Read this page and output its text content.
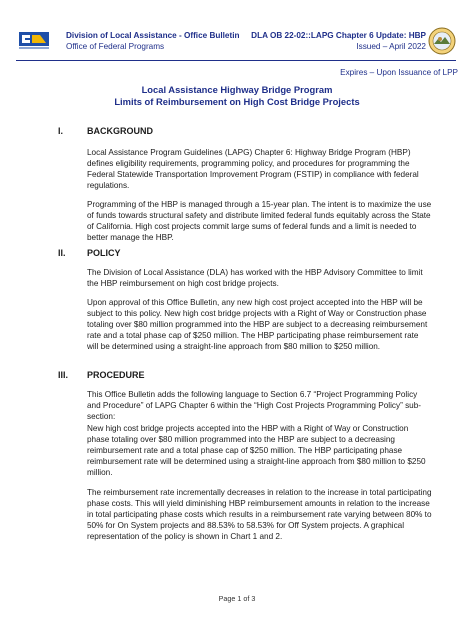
Division of Local Assistance - Office Bulletin
Office of Federal Programs
DLA OB 22-02::LAPG Chapter 6 Update: HBP
Issued – April 2022
Expires – Upon Issuance of LPP
Local Assistance Highway Bridge Program
Limits of Reimbursement on High Cost Bridge Projects
I.	BACKGROUND
Local Assistance Program Guidelines (LAPG) Chapter 6: Highway Bridge Program (HBP) defines eligibility requirements, programming policy, and procedures for programming the Federal Statewide Transportation Improvement Program (FSTIP) in compliance with federal regulations.
Programming of the HBP is managed through a 15-year plan. The intent is to maximize the use of funds towards structural safety and distribute limited federal funds equitably across the State of California. High cost projects commit large sums of federal funds and a limit is needed to better manage the HBP.
II. POLICY
The Division of Local Assistance (DLA) has worked with the HBP Advisory Committee to limit the HBP reimbursement on high cost bridge projects.
Upon approval of this Office Bulletin, any new high cost project accepted into the HBP will be subject to this policy. New high cost bridge projects with a Right of Way or Construction phase totaling over $80 million programmed into the HBP are subject to a decreasing reimbursement rate and a total phase cap of $250 million. The HBP participating phase reimbursement rate will be determined using a straight-line approach from $80 million to $250 million.
III. PROCEDURE
This Office Bulletin adds the following language to Section 6.7 “Project Programming Policy and Procedure” of LAPG Chapter 6 within the “High Cost Projects Programming Policy” sub-section:
New high cost bridge projects accepted into the HBP with a Right of Way or Construction phase totaling over $80 million programmed into the HBP are subject to a decreasing reimbursement rate and a total phase cap of $250 million. The HBP participating phase reimbursement rate will be determined using a straight-line approach from $80 million to $250 million.
The reimbursement rate incrementally decreases in relation to the increase in total participating phase costs. This will yield diminishing HBP reimbursement amounts in relation to the increase in total participating phase costs which results in a reimbursement rate varying between 80% to 50% for On System projects and 88.53% to 58.53% for Off System projects. A graphical representation of the policy is shown in Chart 1 and 2.
Page 1 of 3
